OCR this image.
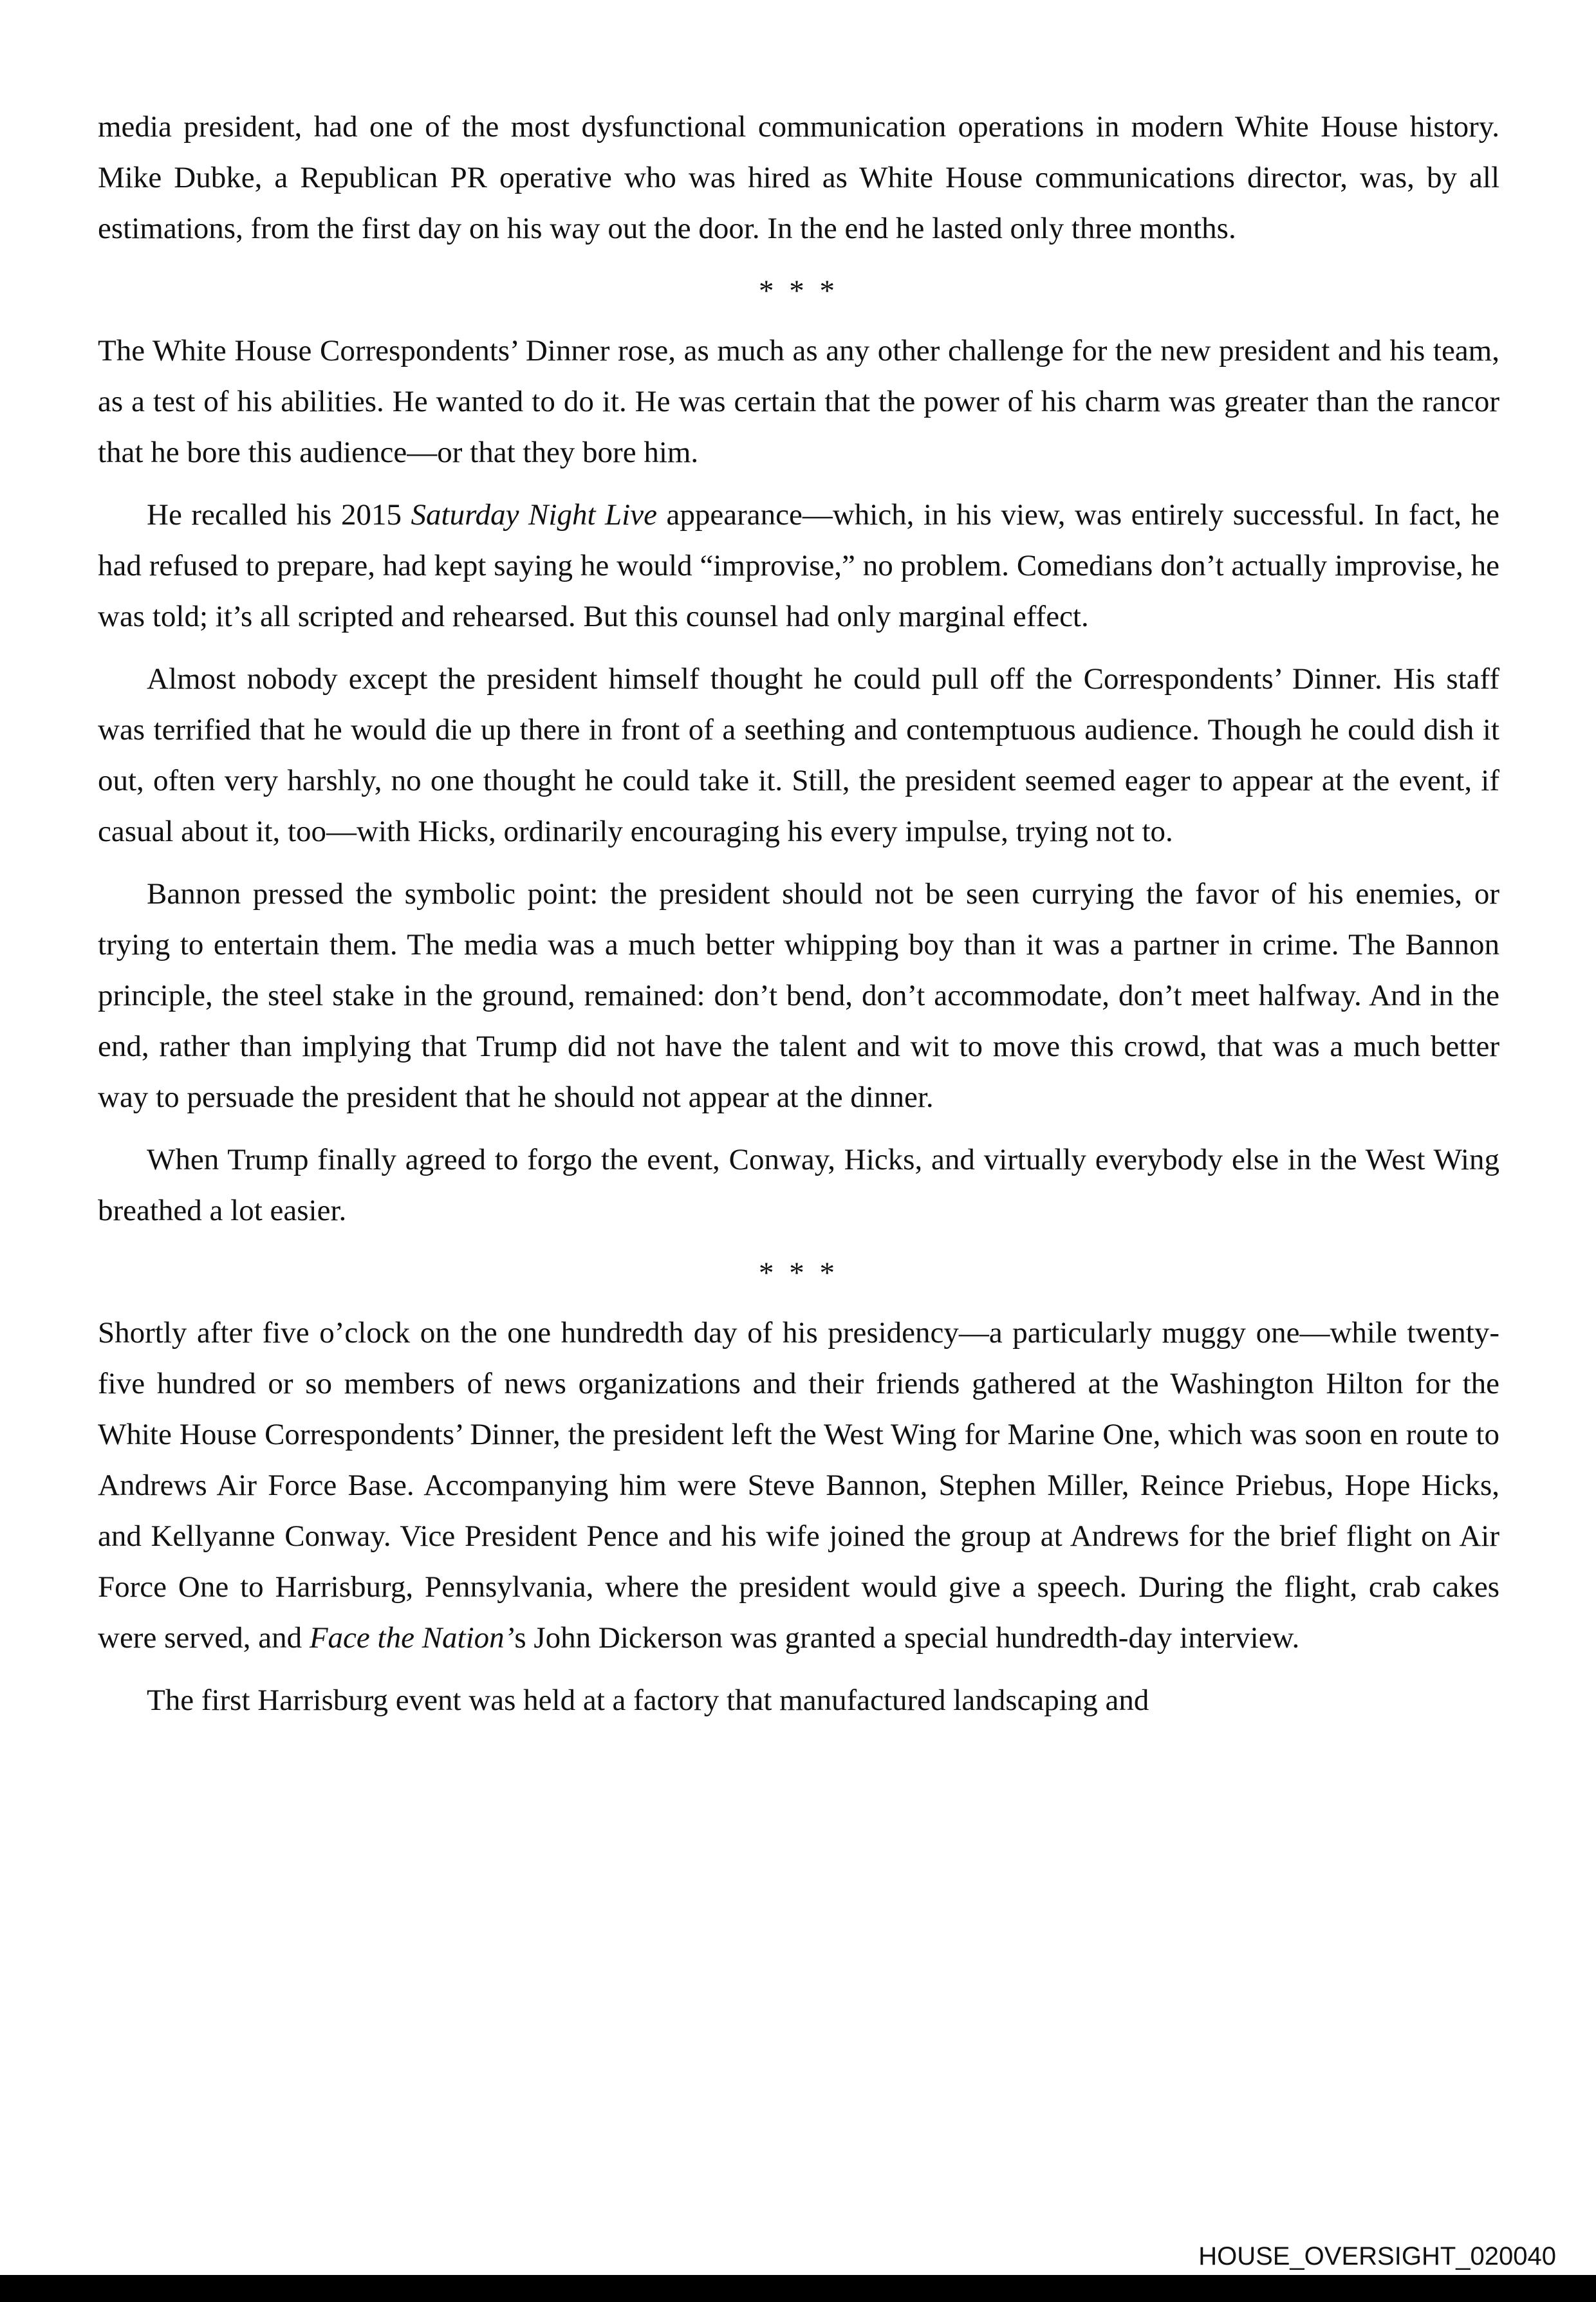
media president, had one of the most dysfunctional communication operations in modern White House history. Mike Dubke, a Republican PR operative who was hired as White House communications director, was, by all estimations, from the first day on his way out the door. In the end he lasted only three months.

* * *

The White House Correspondents’ Dinner rose, as much as any other challenge for the new president and his team, as a test of his abilities. He wanted to do it. He was certain that the power of his charm was greater than the rancor that he bore this audience—or that they bore him.

He recalled his 2015 Saturday Night Live appearance—which, in his view, was entirely successful. In fact, he had refused to prepare, had kept saying he would “improvise,” no problem. Comedians don’t actually improvise, he was told; it’s all scripted and rehearsed. But this counsel had only marginal effect.

Almost nobody except the president himself thought he could pull off the Correspondents’ Dinner. His staff was terrified that he would die up there in front of a seething and contemptuous audience. Though he could dish it out, often very harshly, no one thought he could take it. Still, the president seemed eager to appear at the event, if casual about it, too—with Hicks, ordinarily encouraging his every impulse, trying not to.

Bannon pressed the symbolic point: the president should not be seen currying the favor of his enemies, or trying to entertain them. The media was a much better whipping boy than it was a partner in crime. The Bannon principle, the steel stake in the ground, remained: don’t bend, don’t accommodate, don’t meet halfway. And in the end, rather than implying that Trump did not have the talent and wit to move this crowd, that was a much better way to persuade the president that he should not appear at the dinner.

When Trump finally agreed to forgo the event, Conway, Hicks, and virtually everybody else in the West Wing breathed a lot easier.

* * *

Shortly after five o’clock on the one hundredth day of his presidency—a particularly muggy one—while twenty-five hundred or so members of news organizations and their friends gathered at the Washington Hilton for the White House Correspondents’ Dinner, the president left the West Wing for Marine One, which was soon en route to Andrews Air Force Base. Accompanying him were Steve Bannon, Stephen Miller, Reince Priebus, Hope Hicks, and Kellyanne Conway. Vice President Pence and his wife joined the group at Andrews for the brief flight on Air Force One to Harrisburg, Pennsylvania, where the president would give a speech. During the flight, crab cakes were served, and Face the Nation’s John Dickerson was granted a special hundredth-day interview.

The first Harrisburg event was held at a factory that manufactured landscaping and

HOUSE_OVERSIGHT_020040
